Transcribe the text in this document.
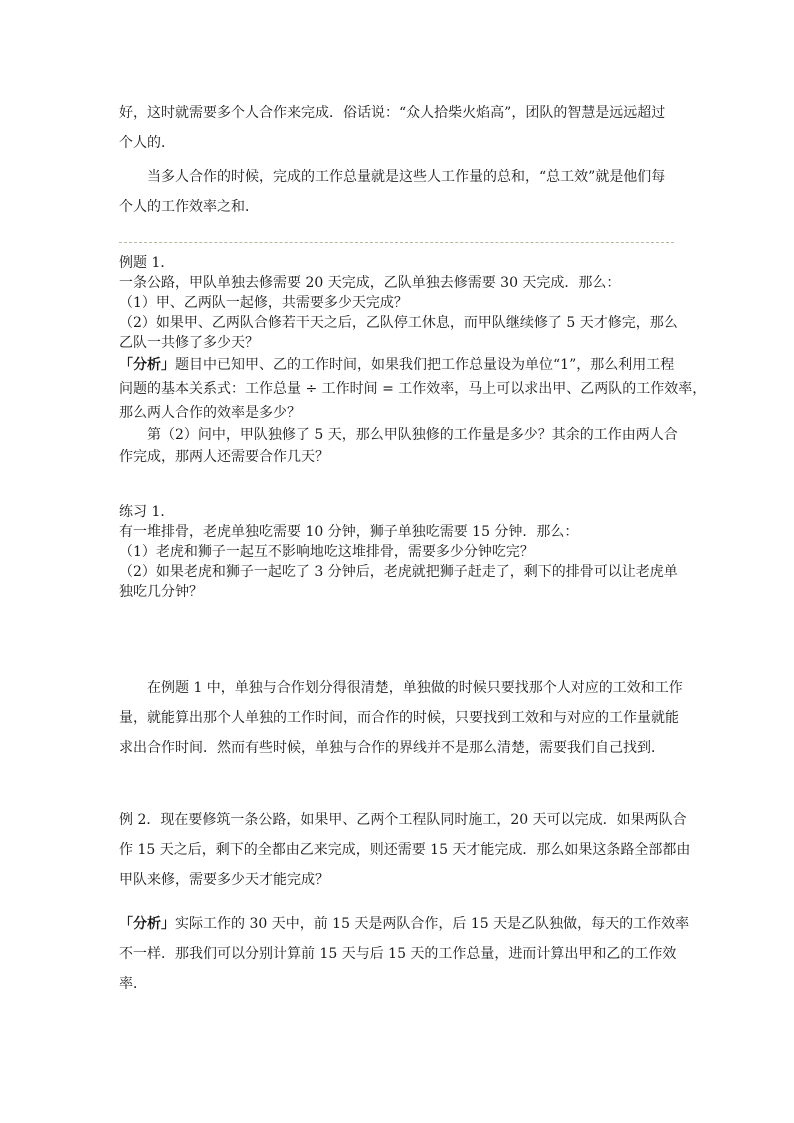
好，这时就需要多个人合作来完成．俗话说：“众人拾柴火焰高”，团队的智慧是远远超过
个人的．
当多人合作的时候，完成的工作总量就是这些人工作量的总和，“总工效”就是他们每
个人的工作效率之和．
例题 1．
一条公路，甲队单独去修需要 20 天完成，乙队单独去修需要 30 天完成．那么：
（1）甲、乙两队一起修，共需要多少天完成？
（2）如果甲、乙两队合修若干天之后，乙队停工休息，而甲队继续修了 5 天才修完，那么
乙队一共修了多少天？
「分析」题目中已知甲、乙的工作时间，如果我们把工作总量设为单位“1”，那么利用工程
问题的基本关系式：工作总量 ÷ 工作时间 = 工作效率，马上可以求出甲、乙两队的工作效率，
那么两人合作的效率是多少？
第（2）问中，甲队独修了 5 天，那么甲队独修的工作量是多少？其余的工作由两人合
作完成，那两人还需要合作几天？
练习 1．
有一堆排骨，老虎单独吃需要 10 分钟，狮子单独吃需要 15 分钟．那么：
（1）老虎和狮子一起互不影响地吃这堆排骨，需要多少分钟吃完？
（2）如果老虎和狮子一起吃了 3 分钟后，老虎就把狮子赶走了，剩下的排骨可以让老虎单
独吃几分钟？
在例题 1 中，单独与合作划分得很清楚，单独做的时候只要找那个人对应的工效和工作
量，就能算出那个人单独的工作时间，而合作的时候，只要找到工效和与对应的工作量就能
求出合作时间．然而有些时候，单独与合作的界线并不是那么清楚，需要我们自己找到．
例 2．现在要修筑一条公路，如果甲、乙两个工程队同时施工，20 天可以完成．如果两队合
作 15 天之后，剩下的全都由乙来完成，则还需要 15 天才能完成．那么如果这条路全部都由
甲队来修，需要多少天才能完成？
「分析」实际工作的 30 天中，前 15 天是两队合作，后 15 天是乙队独做，每天的工作效率
不一样．那我们可以分别计算前 15 天与后 15 天的工作总量，进而计算出甲和乙的工作效
率．
